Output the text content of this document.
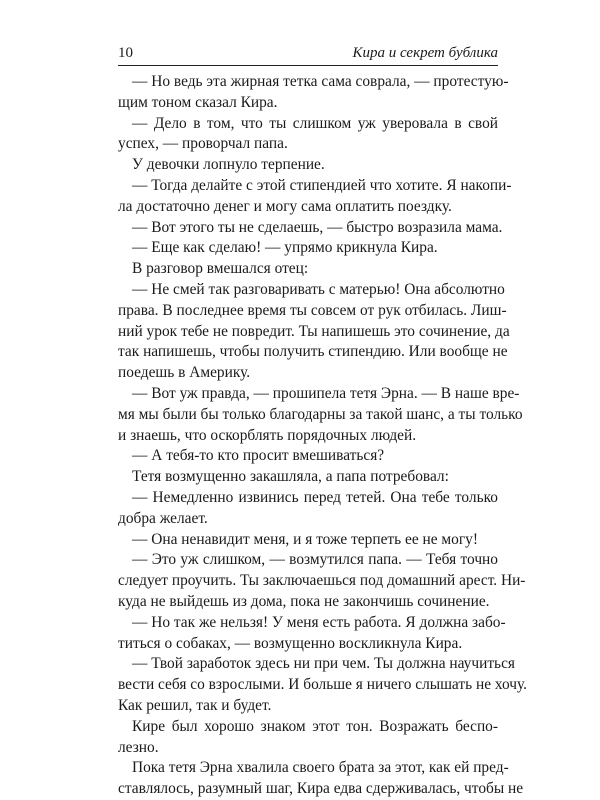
10	Кира и секрет бублика
— Но ведь эта жирная тетка сама соврала, — протестую-
щим тоном сказал Кира.
— Дело в том, что ты слишком уж уверовала в свой
успех, — проворчал папа.
У девочки лопнуло терпение.
— Тогда делайте с этой стипендией что хотите. Я накопи-
ла достаточно денег и могу сама оплатить поездку.
— Вот этого ты не сделаешь, — быстро возразила мама.
— Еще как сделаю! — упрямо крикнула Кира.
В разговор вмешался отец:
— Не смей так разговаривать с матерью! Она абсолютно
права. В последнее время ты совсем от рук отбилась. Лиш-
ний урок тебе не повредит. Ты напишешь это сочинение, да
так напишешь, чтобы получить стипендию. Или вообще не
поедешь в Америку.
— Вот уж правда, — прошипела тетя Эрна. — В наше вре-
мя мы были бы только благодарны за такой шанс, а ты только
и знаешь, что оскорблять порядочных людей.
— А тебя-то кто просит вмешиваться?
Тетя возмущенно закашляла, а папа потребовал:
— Немедленно извинись перед тетей. Она тебе только
добра желает.
— Она ненавидит меня, и я тоже терпеть ее не могу!
— Это уж слишком, — возмутился папа. — Тебя точно
следует проучить. Ты заключаешься под домашний арест. Ни-
куда не выйдешь из дома, пока не закончишь сочинение.
— Но так же нельзя! У меня есть работа. Я должна забо-
титься о собаках, — возмущенно воскликнула Кира.
— Твой заработок здесь ни при чем. Ты должна научиться
вести себя со взрослыми. И больше я ничего слышать не хочу.
Как решил, так и будет.
Кире был хорошо знаком этот тон. Возражать беспо-
лезно.
Пока тетя Эрна хвалила своего брата за этот, как ей пред-
ставлялось, разумный шаг, Кира едва сдерживалась, чтобы не
